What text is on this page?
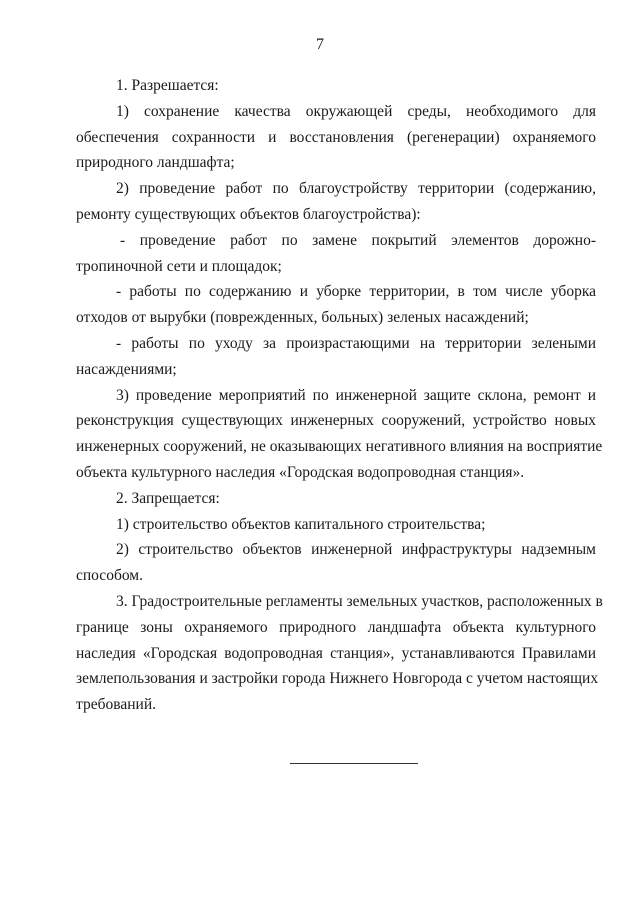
7

1. Разрешается:

1) сохранение качества окружающей среды, необходимого для
обеспечения сохранности и восстановления (регенерации) охраняемого
природного ландшафта;

2) проведение работ по благоустройству территории (содержанию,
ремонту существующих объектов благоустройства):

- проведение работ по замене покрытий элементов дорожно-
тропиночной сети и площадок;

- работы по содержанию и уборке территории, в том числе уборка
отходов от вырубки (поврежденных, больных) зеленых насаждений;

- работы по уходу за произрастающими на территории зелеными
насаждениями;

3) проведение мероприятий по инженерной защите склона, ремонт и
реконструкция существующих инженерных сооружений, устройство новых
инженерных сооружений, не оказывающих негативного влияния на восприятие
объекта культурного наследия «Городская водопроводная станция».

2. Запрещается:

1) строительство объектов капитального строительства;

2) строительство объектов инженерной инфраструктуры надземным
способом.

3. Градостроительные регламенты земельных участков, расположенных в
границе зоны охраняемого природного ландшафта объекта культурного
наследия «Городская водопроводная станция», устанавливаются Правилами
землепользования и застройки города Нижнего Новгорода с учетом настоящих
требований.
